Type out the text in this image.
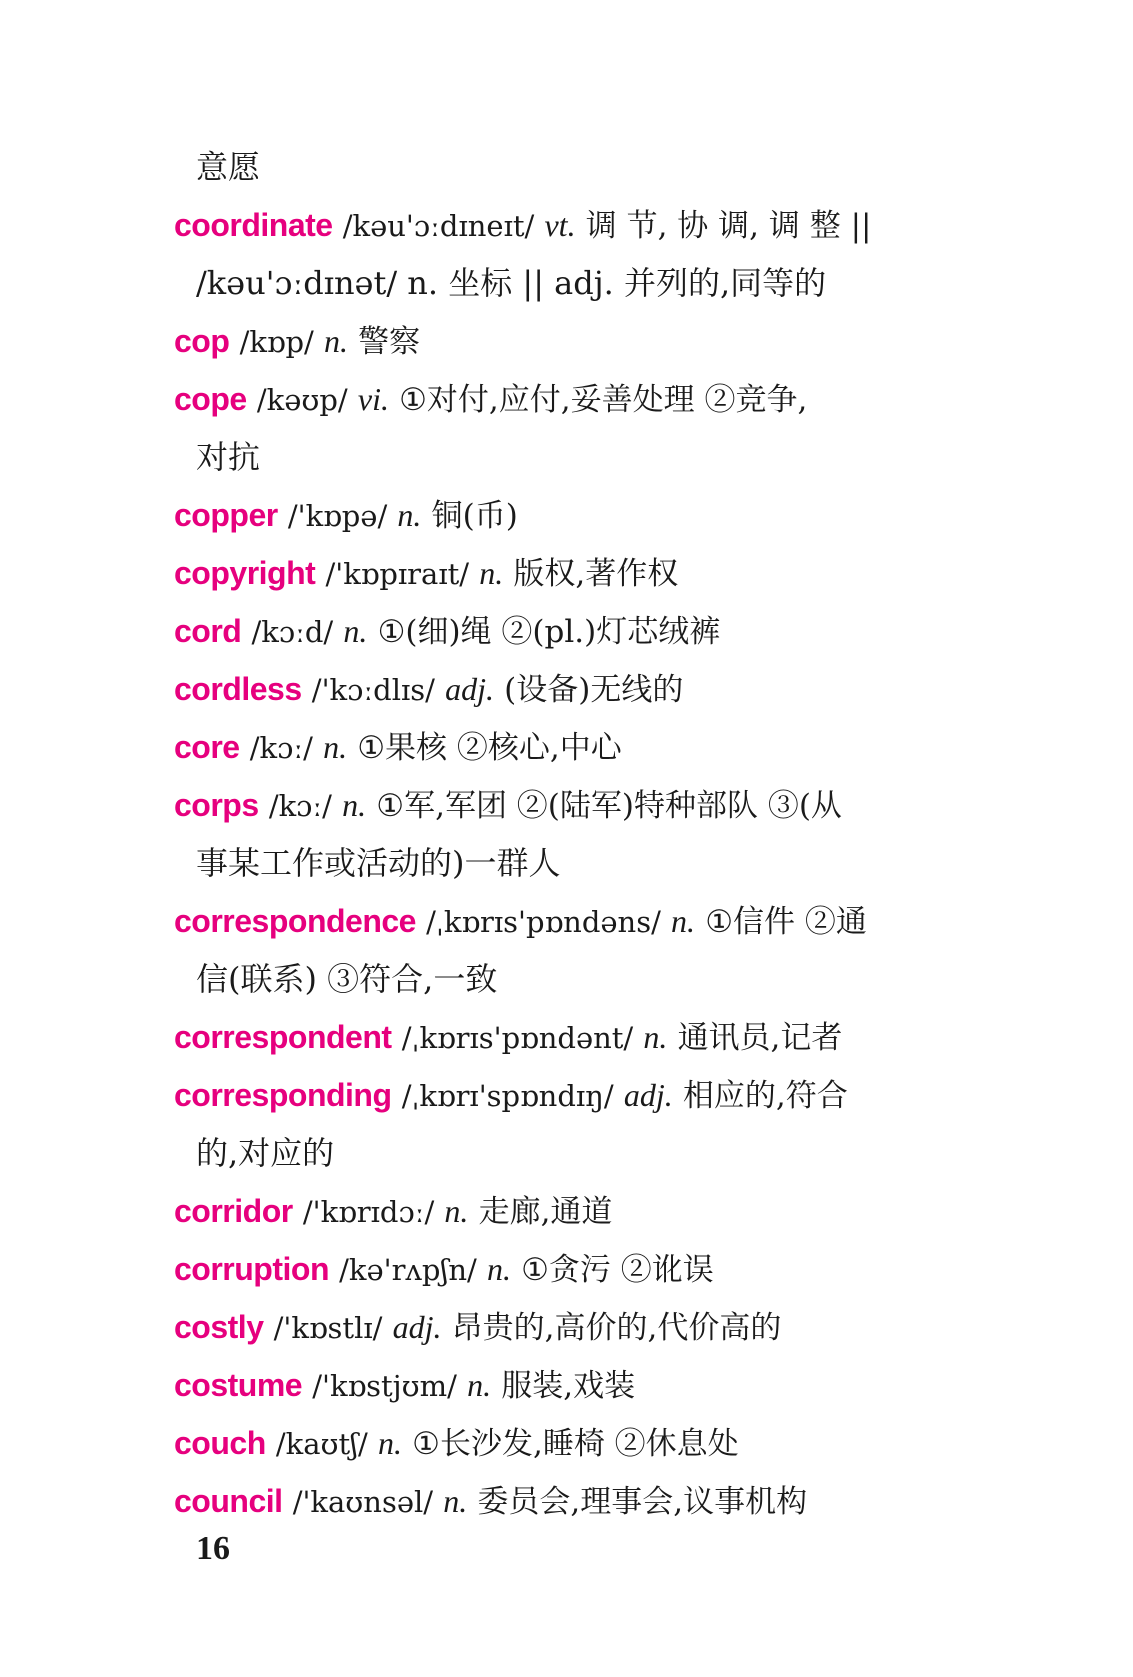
意愿
coordinate /kəu'ɔːdɪneɪt/ vt. 调 节, 协 调, 调 整 ||
/kəu'ɔːdɪnət/ n. 坐标 || adj. 并列的,同等的
cop /kɒp/ n. 警察
cope /kəʊp/ vi. ①对付,应付,妥善处理 ②竞争,
对抗
copper /'kɒpə/ n. 铜(币)
copyright /'kɒpɪraɪt/ n. 版权,著作权
cord /kɔːd/ n. ①(细)绳 ②(pl.)灯芯绒裤
cordless /'kɔːdlɪs/ adj. (设备)无线的
core /kɔː/ n. ①果核 ②核心,中心
corps /kɔː/ n. ①军,军团 ②(陆军)特种部队 ③(从
事某工作或活动的)一群人
correspondence /ˌkɒrɪs'pɒndəns/ n. ①信件 ②通
信(联系) ③符合,一致
correspondent /ˌkɒrɪs'pɒndənt/ n. 通讯员,记者
corresponding /ˌkɒrɪ'spɒndɪŋ/ adj. 相应的,符合
的,对应的
corridor /'kɒrɪdɔː/ n. 走廊,通道
corruption /kə'rʌpʃn/ n. ①贪污 ②讹误
costly /'kɒstlɪ/ adj. 昂贵的,高价的,代价高的
costume /'kɒstjʊm/ n. 服装,戏装
couch /kaʊtʃ/ n. ①长沙发,睡椅 ②休息处
council /'kaʊnsəl/ n. 委员会,理事会,议事机构
16
